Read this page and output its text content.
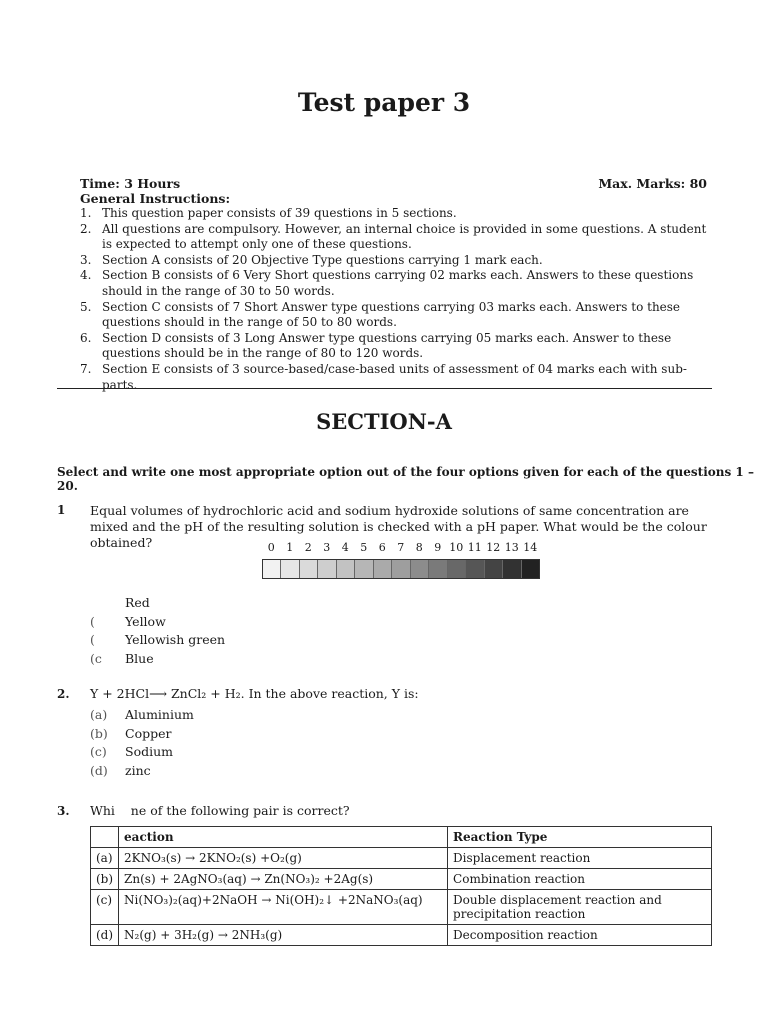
Test paper 3
Time: 3 Hours	Max. Marks: 80
General Instructions:
1. This question paper consists of 39 questions in 5 sections.
2. All questions are compulsory. However, an internal choice is provided in some questions. A student is expected to attempt only one of these questions.
3. Section A consists of 20 Objective Type questions carrying 1 mark each.
4. Section B consists of 6 Very Short questions carrying 02 marks each. Answers to these questions should in the range of 30 to 50 words.
5. Section C consists of 7 Short Answer type questions carrying 03 marks each. Answers to these questions should in the range of 50 to 80 words.
6. Section D consists of 3 Long Answer type questions carrying 05 marks each. Answer to these questions should be in the range of 80 to 120 words.
7. Section E consists of 3 source-based/case-based units of assessment of 04 marks each with sub-parts.
SECTION-A
Select and write one most appropriate option out of the four options given for each of the questions 1 – 20.
1 Equal volumes of hydrochloric acid and sodium hydroxide solutions of same concentration are mixed and the pH of the resulting solution is checked with a pH paper. What would be the colour obtained?	0	1	2	3	4	5	6	7	8	9 10 11 12 13 14
Red
(	Yellow
(	Yellowish green
(c	Blue
2. Y + 2HCl⟶ ZnCl₂ + H₂. In the above reaction, Y is:
(a)	Aluminium
(b)	Copper
(c)	Sodium
(d)	zinc
3. Whi    ne of the following pair is correct?
	eaction	Reaction Type
(a)	2KNO₃(s) → 2KNO₂(s) +O₂(g)	Displacement reaction
(b)	Zn(s) + 2AgNO₃(aq) → Zn(NO₃)₂ +2Ag(s)	Combination reaction
(c)	Ni(NO₃)₂(aq)+2NaOH → Ni(OH)₂↓ +2NaNO₃(aq)	Double displacement reaction and precipitation reaction
(d)	N₂(g) + 3H₂(g) → 2NH₃(g)	Decomposition reaction
